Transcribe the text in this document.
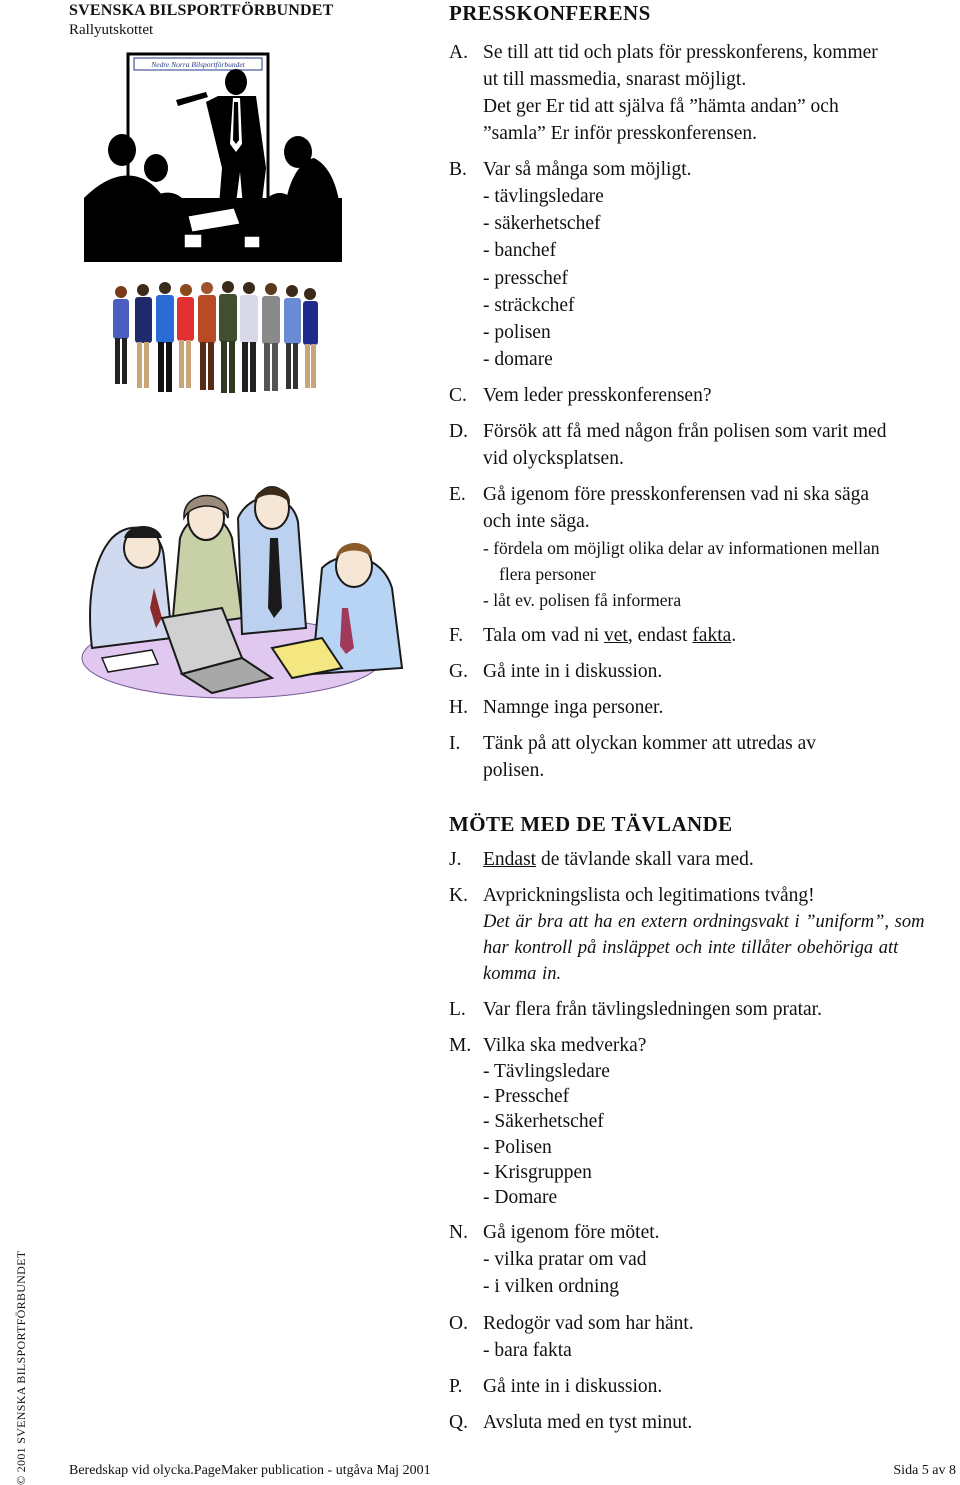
SVENSKA BILSPORTFÖRBUNDET
Rallyutskottet
© 2001 SVENSKA BILSPORTFÖRBUNDET
Nedre Norra Bilsportförbundet
PRESSKONFERENS
A. Se till att tid och plats för presskonferens, kommer
ut till massmedia, snarast möjligt.
Det ger Er tid att själva få ”hämta andan” och
”samla” Er inför presskonferensen.
B. Var så många som möjligt.
- tävlingsledare
- säkerhetschef
- banchef
- presschef
- sträckchef
- polisen
- domare
C. Vem leder presskonferensen?
D. Försök att få med någon från polisen som varit med
vid olycksplatsen.
E. Gå igenom före presskonferensen vad ni ska säga
och inte säga.
- fördela om möjligt olika delar av informationen mellan
flera personer
- låt ev. polisen få informera
F.	Tala om vad ni vet, endast fakta.
G. Gå inte in i diskussion.
H. Namnge inga personer.
I.	Tänk på att olyckan kommer att utredas av
polisen.
MÖTE MED DE TÄVLANDE
J.	Endast de tävlande skall vara med.
K. Avprickningslista och legitimations tvång!
Det är bra att ha en extern ordningsvakt i ”uniform”, som
har kontroll på insläppet och inte tillåter obehöriga att
komma in.
L. Var flera från tävlingsledningen som pratar.
M. Vilka ska medverka?
- Tävlingsledare
- Presschef
- Säkerhetschef
- Polisen
- Krisgruppen
- Domare
N. Gå igenom före mötet.
- vilka pratar om vad
- i vilken ordning
O. Redogör vad som har hänt.
- bara fakta
P.	Gå inte in i diskussion.
Q. Avsluta med en tyst minut.
Beredskap vid olycka.PageMaker publication - utgåva Maj 2001	Sida 5 av 8
